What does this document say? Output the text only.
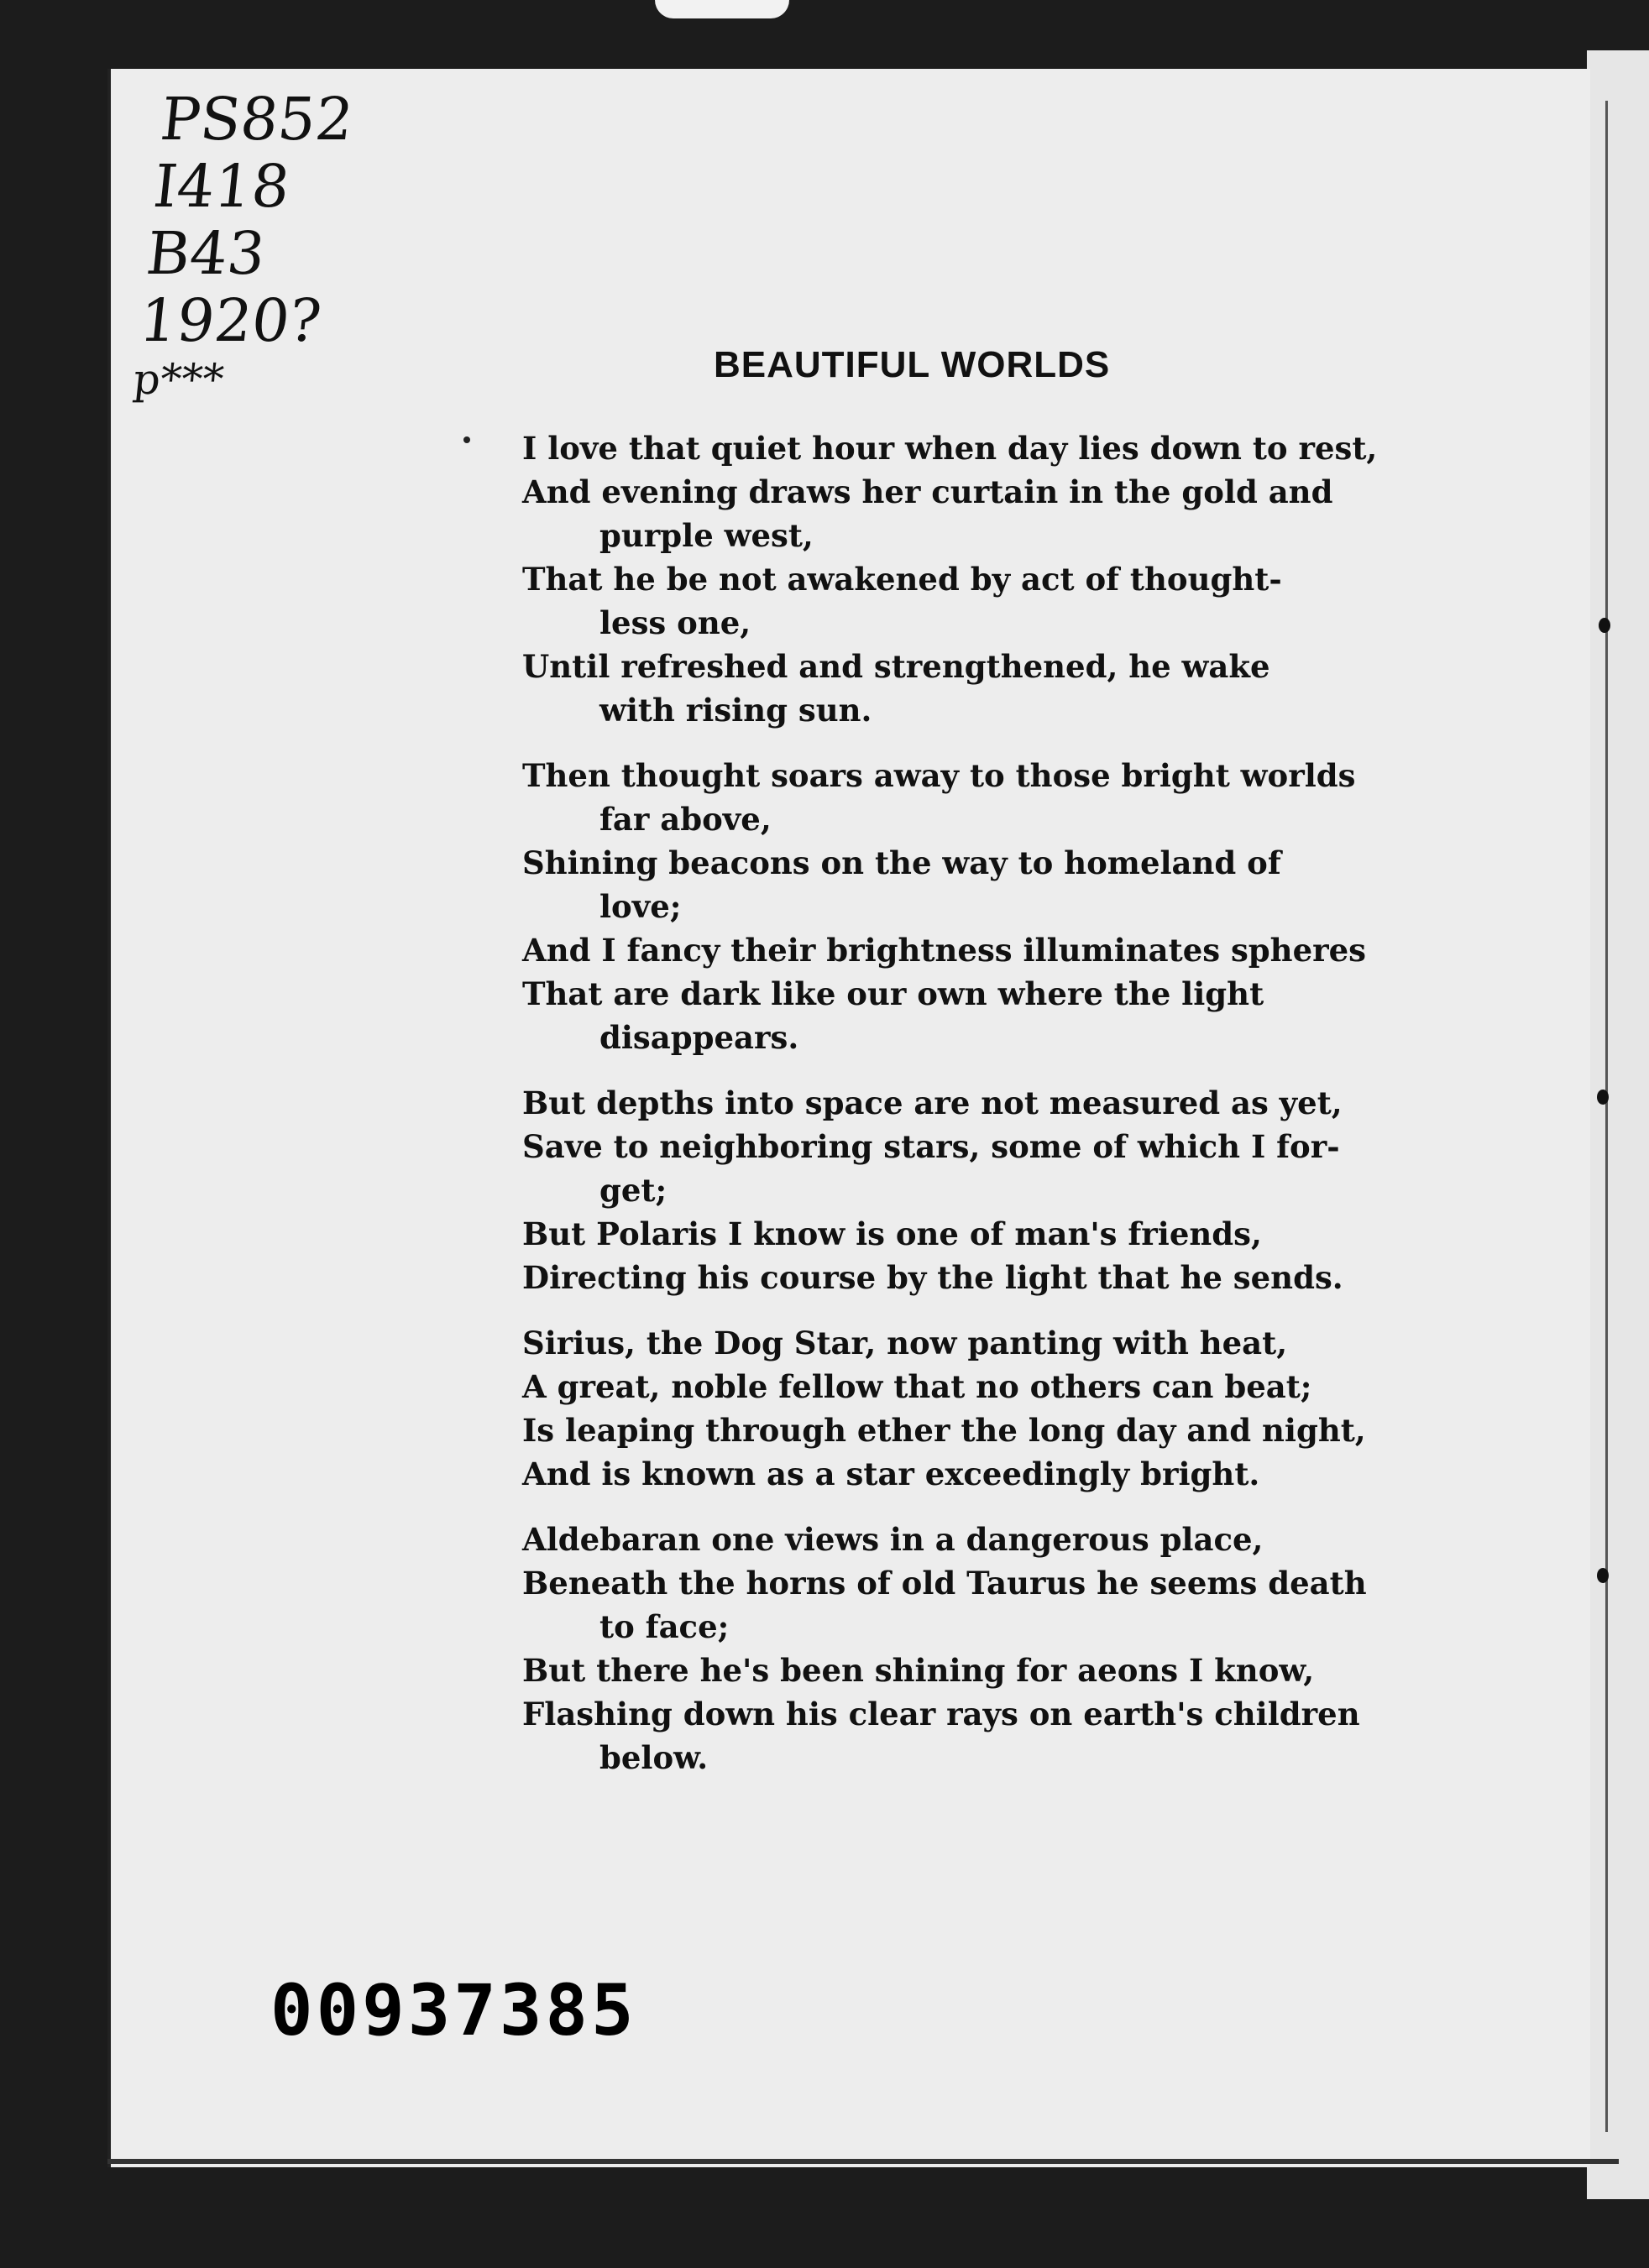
PS852
I418
B43
1920?
p***	BEAUTIFUL WORLDS
I love that quiet hour when day lies down to rest,
And evening draws her curtain in the gold and
purple west,
That he be not awakened by act of thought-
less one,
Until refreshed and strengthened, he wake
with rising sun.
Then thought soars away to those bright worlds
far above,
Shining beacons on the way to homeland of
love;
And I fancy their brightness illuminates spheres
That are dark like our own where the light
disappears.
But depths into space are not measured as yet,
Save to neighboring stars, some of which I for-
get;
But Polaris I know is one of man's friends,
Directing his course by the light that he sends.
Sirius, the Dog Star, now panting with heat,
A great, noble fellow that no others can beat;
Is leaping through ether the long day and night,
And is known as a star exceedingly bright.
Aldebaran one views in a dangerous place,
Beneath the horns of old Taurus he seems death
to face;
But there he's been shining for aeons I know,
Flashing down his clear rays on earth's children
below.
00937385
